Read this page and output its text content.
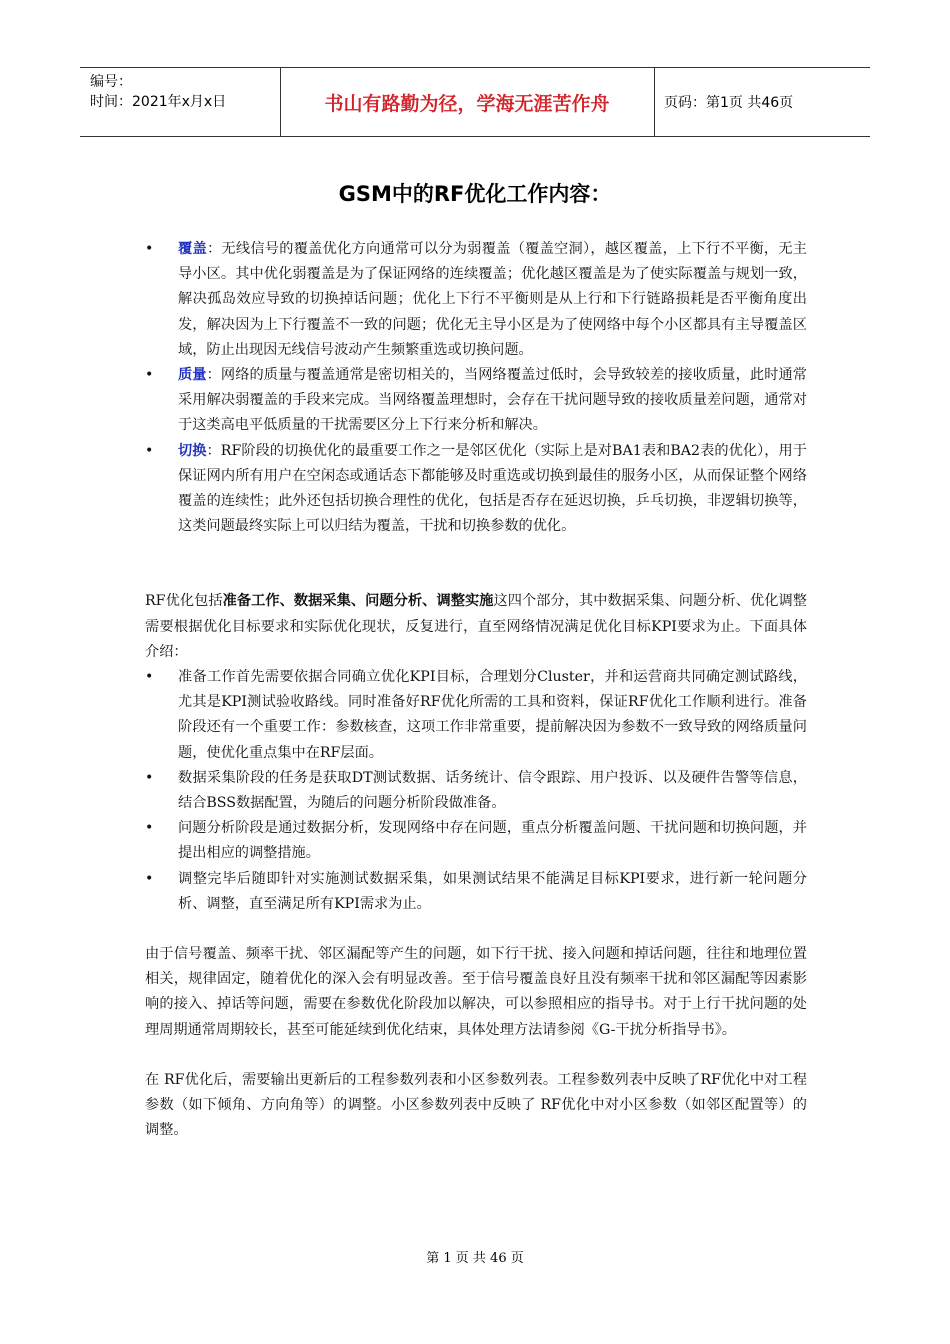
编号：
时间：2021年x月x日	书山有路勤为径，学海无涯苦作舟	页码：第1页 共46页
GSM中的RF优化工作内容：

• 覆盖：无线信号的覆盖优化方向通常可以分为弱覆盖（覆盖空洞），越区覆盖，上下行不平衡，无主导小区。其中优化弱覆盖是为了保证网络的连续覆盖；优化越区覆盖是为了使实际覆盖与规划一致，解决孤岛效应导致的切换掉话问题；优化上下行不平衡则是从上行和下行链路损耗是否平衡角度出发，解决因为上下行覆盖不一致的问题；优化无主导小区是为了使网络中每个小区都具有主导覆盖区域，防止出现因无线信号波动产生频繁重选或切换问题。

• 质量：网络的质量与覆盖通常是密切相关的，当网络覆盖过低时，会导致较差的接收质量，此时通常采用解决弱覆盖的手段来完成。当网络覆盖理想时，会存在干扰问题导致的接收质量差问题，通常对于这类高电平低质量的干扰需要区分上下行来分析和解决。

• 切换：RF阶段的切换优化的最重要工作之一是邻区优化（实际上是对BA1表和BA2表的优化），用于保证网内所有用户在空闲态或通话态下都能够及时重选或切换到最佳的服务小区，从而保证整个网络覆盖的连续性；此外还包括切换合理性的优化，包括是否存在延迟切换，乒乓切换，非逻辑切换等，这类问题最终实际上可以归结为覆盖，干扰和切换参数的优化。

RF优化包括准备工作、数据采集、问题分析、调整实施这四个部分，其中数据采集、问题分析、优化调整需要根据优化目标要求和实际优化现状，反复进行，直至网络情况满足优化目标KPI要求为止。下面具体介绍：

• 准备工作首先需要依据合同确立优化KPI目标，合理划分Cluster，并和运营商共同确定测试路线，尤其是KPI测试验收路线。同时准备好RF优化所需的工具和资料，保证RF优化工作顺利进行。准备阶段还有一个重要工作：参数核查，这项工作非常重要，提前解决因为参数不一致导致的网络质量问题，使优化重点集中在RF层面。

• 数据采集阶段的任务是获取DT测试数据、话务统计、信令跟踪、用户投诉、以及硬件告警等信息，结合BSS数据配置，为随后的问题分析阶段做准备。

• 问题分析阶段是通过数据分析，发现网络中存在问题，重点分析覆盖问题、干扰问题和切换问题，并提出相应的调整措施。

• 调整完毕后随即针对实施测试数据采集，如果测试结果不能满足目标KPI要求，进行新一轮问题分析、调整，直至满足所有KPI需求为止。

由于信号覆盖、频率干扰、邻区漏配等产生的问题，如下行干扰、接入问题和掉话问题，往往和地理位置相关，规律固定，随着优化的深入会有明显改善。至于信号覆盖良好且没有频率干扰和邻区漏配等因素影响的接入、掉话等问题，需要在参数优化阶段加以解决，可以参照相应的指导书。对于上行干扰问题的处理周期通常周期较长，甚至可能延续到优化结束，具体处理方法请参阅《G-干扰分析指导书》。

在 RF优化后，需要输出更新后的工程参数列表和小区参数列表。工程参数列表中反映了RF优化中对工程参数（如下倾角、方向角等）的调整。小区参数列表中反映了 RF优化中对小区参数（如邻区配置等）的调整。

第 1 页 共 46 页
